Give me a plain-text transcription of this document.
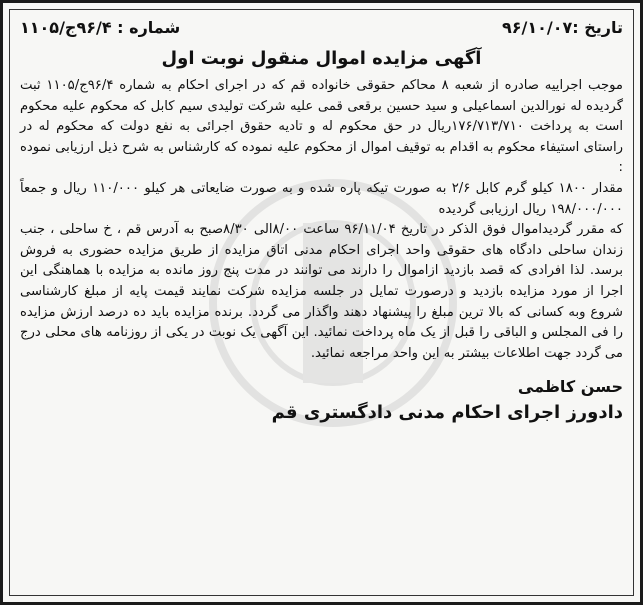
تاریخ :۹۶/۱۰/۰۷
شماره : ۹۶/۴ج/۱۱۰۵
آگهی مزایده اموال منقول نوبت اول

موجب اجراییه صادره از شعبه ۸ محاکم حقوقی خانواده قم که در اجرای احکام به شماره ۹۶/۴ج/۱۱۰۵ ثبت گردیده له نورالدین اسماعیلی و سید حسین برقعی قمی علیه شرکت تولیدی سیم کابل که محکوم علیه محکوم است به پرداخت ۱۷۶/۷۱۳/۷۱۰ریال در حق محکوم له و تادیه حقوق اجرائی به نفع دولت که محکوم له در راستای استیفاء محکوم به اقدام به توقیف اموال از محکوم علیه نموده که کارشناس به شرح ذیل ارزیابی نموده :

مقدار ۱۸۰۰ کیلو گرم کابل ۲/۶ به صورت تیکه پاره شده و به صورت ضایعاتی هر کیلو ۱۱۰/۰۰۰ ریال و جمعاً ۱۹۸/۰۰۰/۰۰۰ ریال ارزیابی گردیده

که مقرر گردیداموال فوق الذکر در تاریخ ۹۶/۱۱/۰۴ ساعت ۸/۰۰الی ۸/۳۰صبح به آدرس قم ، خ ساحلی ، جنب زندان ساحلی دادگاه های حقوقی واحد اجرای احکام مدنی اتاق مزایده از طریق مزایده حضوری به فروش برسد. لذا افرادی که قصد بازدید ازاموال را دارند می توانند در مدت پنج روز مانده به مزایده با هماهنگی این اجرا از مورد مزایده بازدید و درصورت تمایل در جلسه مزایده شرکت نمایند قیمت پایه از مبلغ کارشناسی شروع وبه کسانی که بالا ترین مبلغ را پیشنهاد دهند واگذار می گردد. برنده مزایده باید ده درصد ارزش مزایده را فی المجلس و الباقی را قبل از یک ماه پرداخت نمائید. این آگهی یک نوبت در یکی از روزنامه های محلی درج می گردد جهت اطلاعات بیشتر به این واحد مراجعه نمائید.

حسن کاظمی
دادورز اجرای احکام مدنی دادگستری قم
